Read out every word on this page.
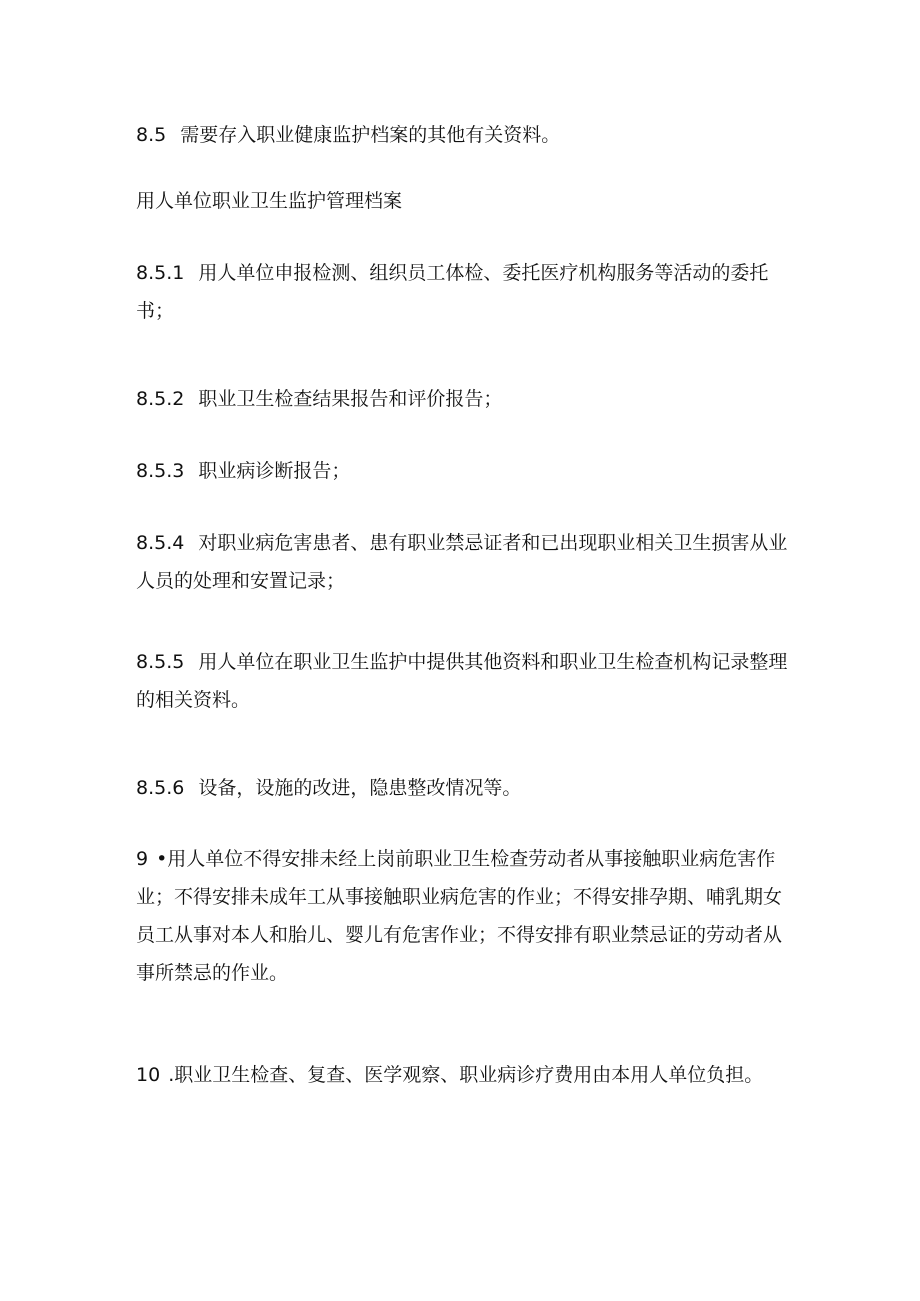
8.5 需要存入职业健康监护档案的其他有关资料。

用人单位职业卫生监护管理档案

8.5.1 用人单位申报检测、组织员工体检、委托医疗机构服务等活动的委托书；

8.5.2 职业卫生检查结果报告和评价报告；

8.5.3 职业病诊断报告；

8.5.4 对职业病危害患者、患有职业禁忌证者和已出现职业相关卫生损害从业人员的处理和安置记录；

8.5.5 用人单位在职业卫生监护中提供其他资料和职业卫生检查机构记录整理的相关资料。

8.5.6 设备，设施的改进，隐患整改情况等。

9 •用人单位不得安排未经上岗前职业卫生检查劳动者从事接触职业病危害作业；不得安排未成年工从事接触职业病危害的作业；不得安排孕期、哺乳期女员工从事对本人和胎儿、婴儿有危害作业；不得安排有职业禁忌证的劳动者从事所禁忌的作业。

10 .职业卫生检查、复查、医学观察、职业病诊疗费用由本用人单位负担。
